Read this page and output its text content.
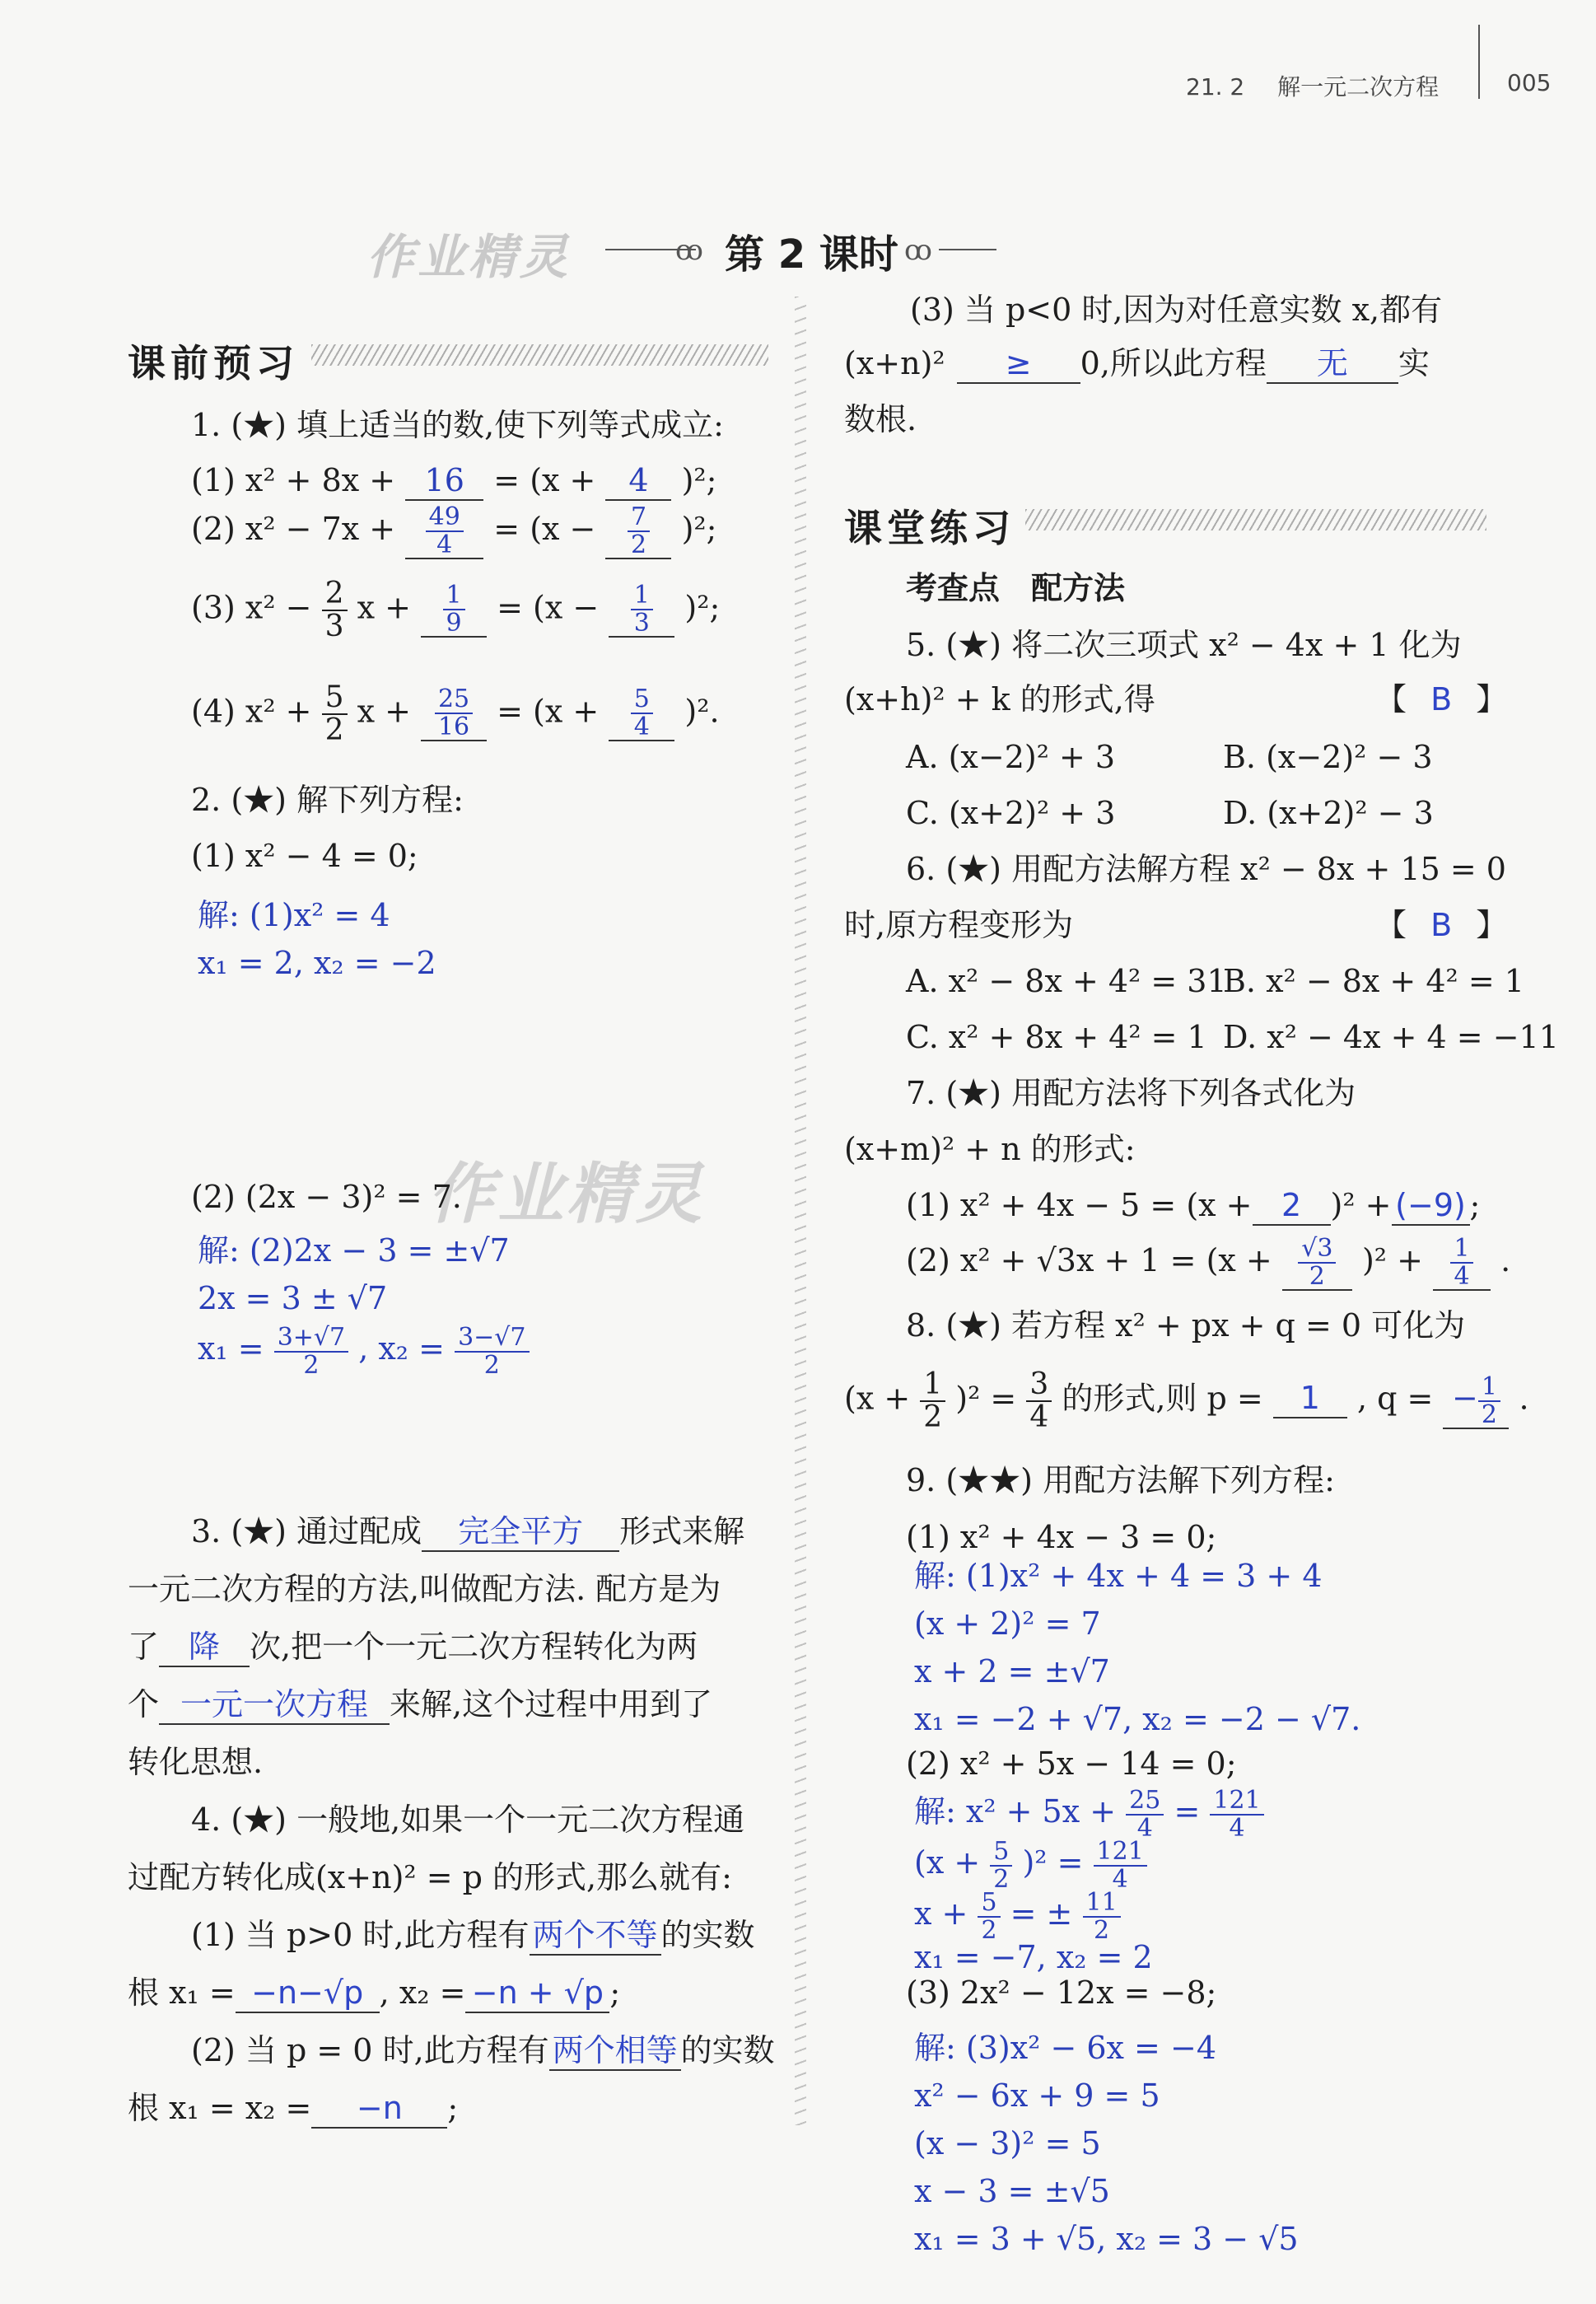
21. 2 解一元二次方程	005
作业精灵	ꝏ 第 2 课时 ꝏ
课前预习
1. (★) 填上适当的数,使下列等式成立:
(1) x² + 8x + 16 = (x + 4 )²;
(2) $x^2 - 7x + \frac{49}{4} = (x - \frac{7}{2} )^2$;
(3) $x^2 - \frac{2}{3}$ $x + \frac{1}{9} = (x - \frac{1}{3} )^2$;
(4) $x^2 + \frac{5}{2}$ $x + \frac{25}{16} = (x + \frac{5}{4} )^2$.
2. (★) 解下列方程:
(1) x² − 4 = 0;
解: (1)x² = 4
x₁ = 2, x₂ = −2
作业精灵
(2) (2x − 3)² = 7.
解: (2)2x − 3 = ±√7
2x = 3 ± √7
$x_1 = \frac{3+√7}{2}$ , $x_2 = \frac{3-√7}{2}$
3. (★) 通过配成 完全平方 形式来解
一元二次方程的方法,叫做配方法. 配方是为
了 降 次,把一个一元二次方程转化为两
个 一元一次方程 来解,这个过程中用到了
转化思想.
4. (★) 一般地,如果一个一元二次方程通
过配方转化成(x+n)² = p 的形式,那么就有:
(1) 当 p>0 时,此方程有 两个不等 的实数
根 x₁ = −n−√p , x₂ = −n + √p ;
(2) 当 p = 0 时,此方程有 两个相等 的实数
根 x₁ = x₂ = −n ;
(3) 当 p<0 时,因为对任意实数 x,都有
(x+n)² ≥ 0,所以此方程 无 实
数根.
课堂练习
考查点　配方法
5. (★) 将二次三项式 x² − 4x + 1 化为
(x+h)² + k 的形式,得	【 B 】
A. (x−2)² + 3	B. (x−2)² − 3
C. (x+2)² + 3	D. (x+2)² − 3
6. (★) 用配方法解方程 x² − 8x + 15 = 0
时,原方程变形为	【 B 】
A. x² − 8x + 4² = 31
B. x² − 8x + 4² = 1
C. x² + 8x + 4² = 1 D. x² − 4x + 4 = −11
7. (★) 用配方法将下列各式化为
(x+m)² + n 的形式:
(1) x² + 4x − 5 = (x + 2 )² + (−9) ;
(2) $x^2 + √3x + 1 = (x + \frac{√3}{2} )^2 + \frac{1}{4}$ .
8. (★) 若方程 x² + px + q = 0 可化为
$(x + \frac{1}{2} )^2 = \frac{3}{4}$ 的形式,则 p = 1 , q = − $\frac{1}{2}$ .
9. (★★) 用配方法解下列方程:
(1) x² + 4x − 3 = 0;
解: (1)x² + 4x + 4 = 3 + 4
(x + 2)² = 7
x + 2 = ±√7
x₁ = −2 + √7, x₂ = −2 − √7.
(2) x² + 5x − 14 = 0;
解: $x^2 + 5x + \frac{25}{4} = \frac{121}{4}$
$(x + \frac{5}{2} )^2 = \frac{121}{4}$
$x + \frac{5}{2}$ = ± $\frac{11}{2}$
x₁ = −7, x₂ = 2
(3) 2x² − 12x = −8;
解: (3)x² − 6x = −4
x² − 6x + 9 = 5
(x − 3)² = 5
x − 3 = ±√5
x₁ = 3 + √5, x₂ = 3 − √5
